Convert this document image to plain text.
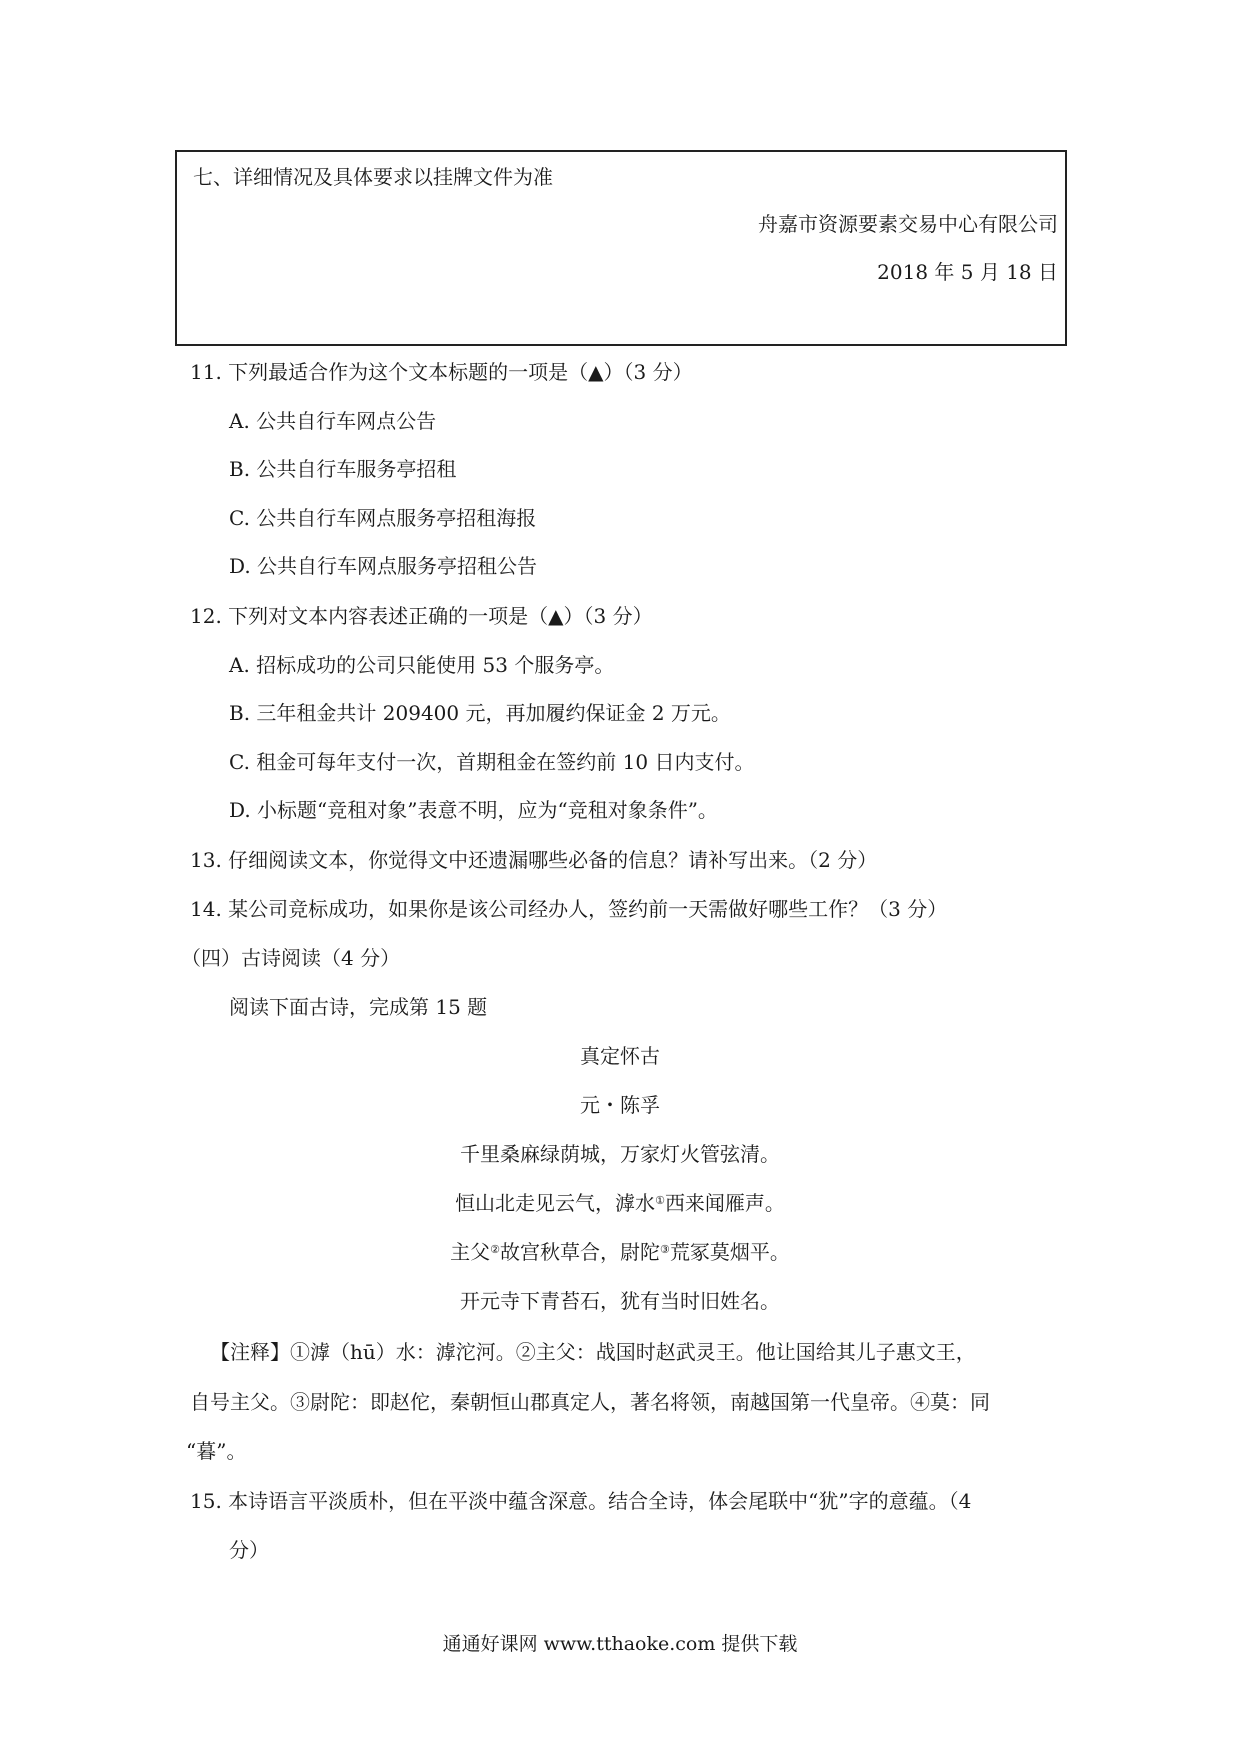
七、详细情况及具体要求以挂牌文件为准
舟嘉市资源要素交易中心有限公司
2018 年 5 月 18 日
11. 下列最适合作为这个文本标题的一项是（▲）（3 分）
A. 公共自行车网点公告
B. 公共自行车服务亭招租
C. 公共自行车网点服务亭招租海报
D. 公共自行车网点服务亭招租公告
12. 下列对文本内容表述正确的一项是（▲）（3 分）
A. 招标成功的公司只能使用 53 个服务亭。
B. 三年租金共计 209400 元，再加履约保证金 2 万元。
C. 租金可每年支付一次，首期租金在签约前 10 日内支付。
D. 小标题“竞租对象”表意不明，应为“竞租对象条件”。
13. 仔细阅读文本，你觉得文中还遗漏哪些必备的信息？请补写出来。（2 分）
14. 某公司竞标成功，如果你是该公司经办人，签约前一天需做好哪些工作？（3 分）
（四）古诗阅读（4 分）
阅读下面古诗，完成第 15 题
真定怀古
元・陈孚
千里桑麻绿荫城，万家灯火管弦清。
恒山北走见云气，滹水①西来闻雁声。
主父②故宫秋草合，尉陀③荒冢莫烟平。
开元寺下青苔石，犹有当时旧姓名。
【注释】①滹（hū）水：滹沱河。②主父：战国时赵武灵王。他让国给其儿子惠文王，
自号主父。③尉陀：即赵佗，秦朝恒山郡真定人，著名将领，南越国第一代皇帝。④莫：同
“暮”。
15. 本诗语言平淡质朴，但在平淡中蕴含深意。结合全诗，体会尾联中“犹”字的意蕴。（4
分）
通通好课网 www.tthaoke.com 提供下载
